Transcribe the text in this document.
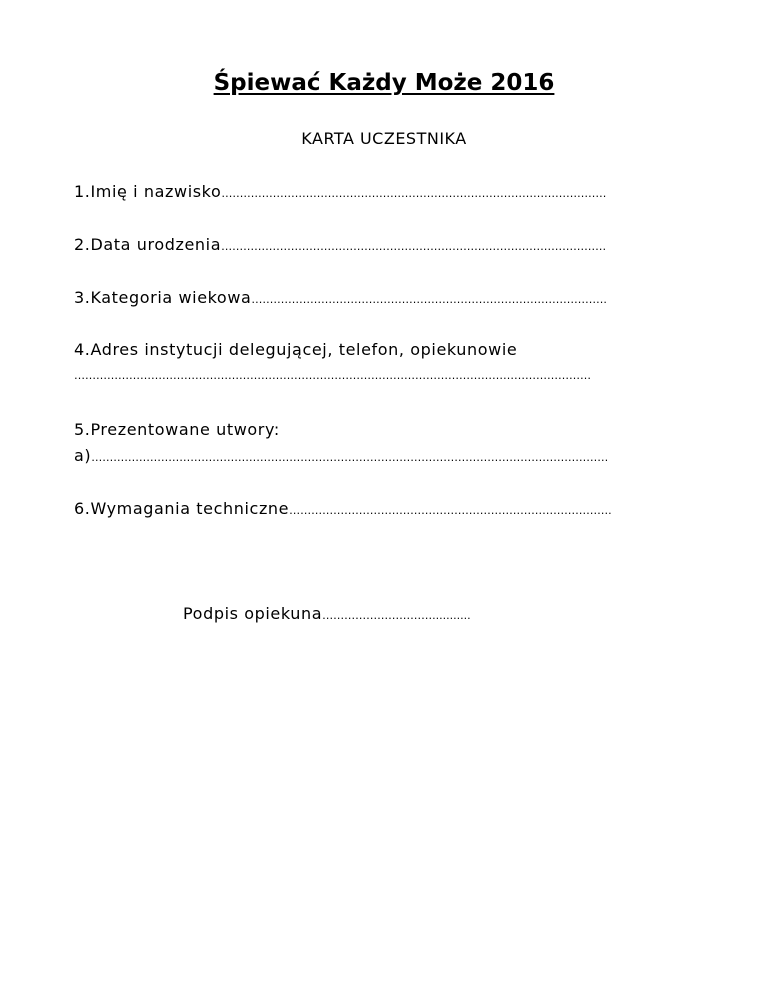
Śpiewać Każdy Może 2016
KARTA UCZESTNIKA
1.Imię i nazwisko……………………………………………………………………………………………
2.Data urodzenia……………………………………………………………………………………………
3.Kategoria wiekowa…………………………………………………………………………………….
4.Adres instytucji delegującej, telefon, opiekunowie
……………………………………………………………………………………………………………………………
5.Prezentowane utwory:
a)……………………………………………………………………………………………………………………………
6.Wymagania techniczne…………………………………………………………………………….
Podpis opiekuna…………………………...........
